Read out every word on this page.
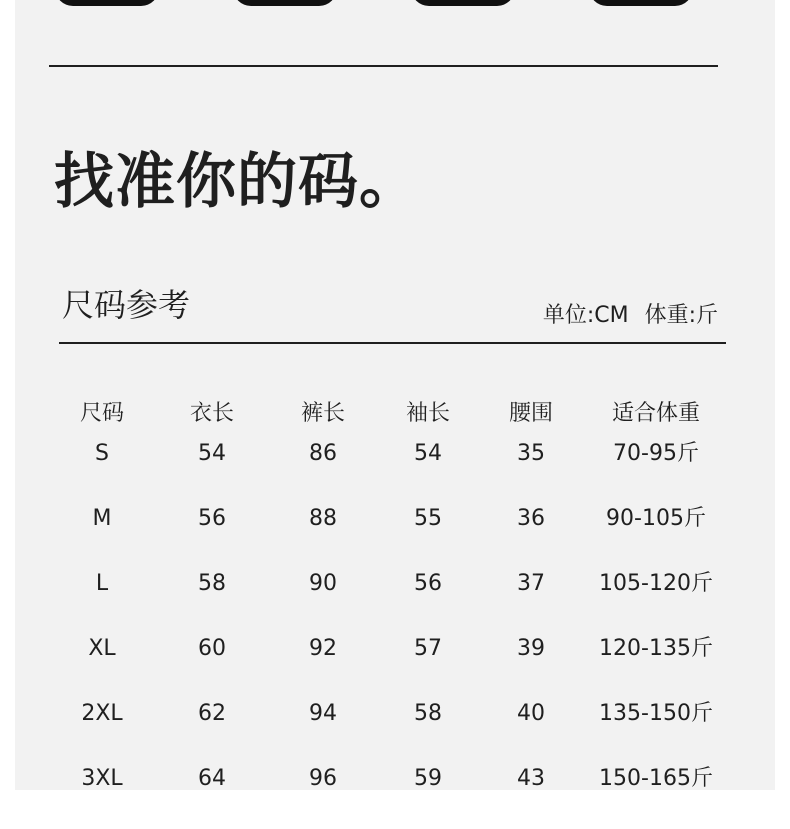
找准你的码。
尺码参考	单位:CM 体重:斤
尺码	衣长	裤长	袖长	腰围	适合体重
S	54	86	54	35	70-95斤
M	56	88	55	36	90-105斤
L	58	90	56	37	105-120斤
XL	60	92	57	39	120-135斤
2XL	62	94	58	40	135-150斤
3XL	64	96	59	43	150-165斤
